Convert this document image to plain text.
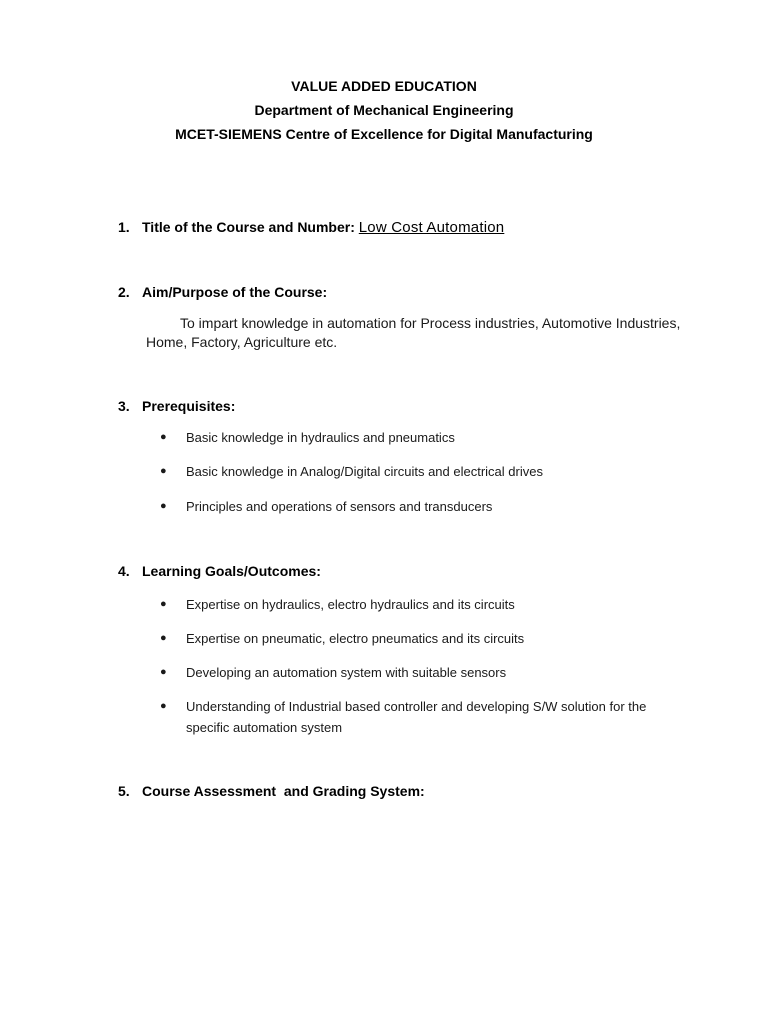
VALUE ADDED EDUCATION
Department of Mechanical Engineering
MCET-SIEMENS Centre of Excellence for Digital Manufacturing
1. Title of the Course and Number: Low Cost Automation
2. Aim/Purpose of the Course:
To impart knowledge in automation for Process industries, Automotive Industries, Home, Factory, Agriculture etc.
3. Prerequisites:
●	Basic knowledge in hydraulics and pneumatics
●	Basic knowledge in Analog/Digital circuits and electrical drives
●	Principles and operations of sensors and transducers
4. Learning Goals/Outcomes:
●	Expertise on hydraulics, electro hydraulics and its circuits
●	Expertise on pneumatic, electro pneumatics and its circuits
●	Developing an automation system with suitable sensors
●	Understanding of Industrial based controller and developing S/W solution for the specific automation system
5. Course Assessment  and Grading System:
